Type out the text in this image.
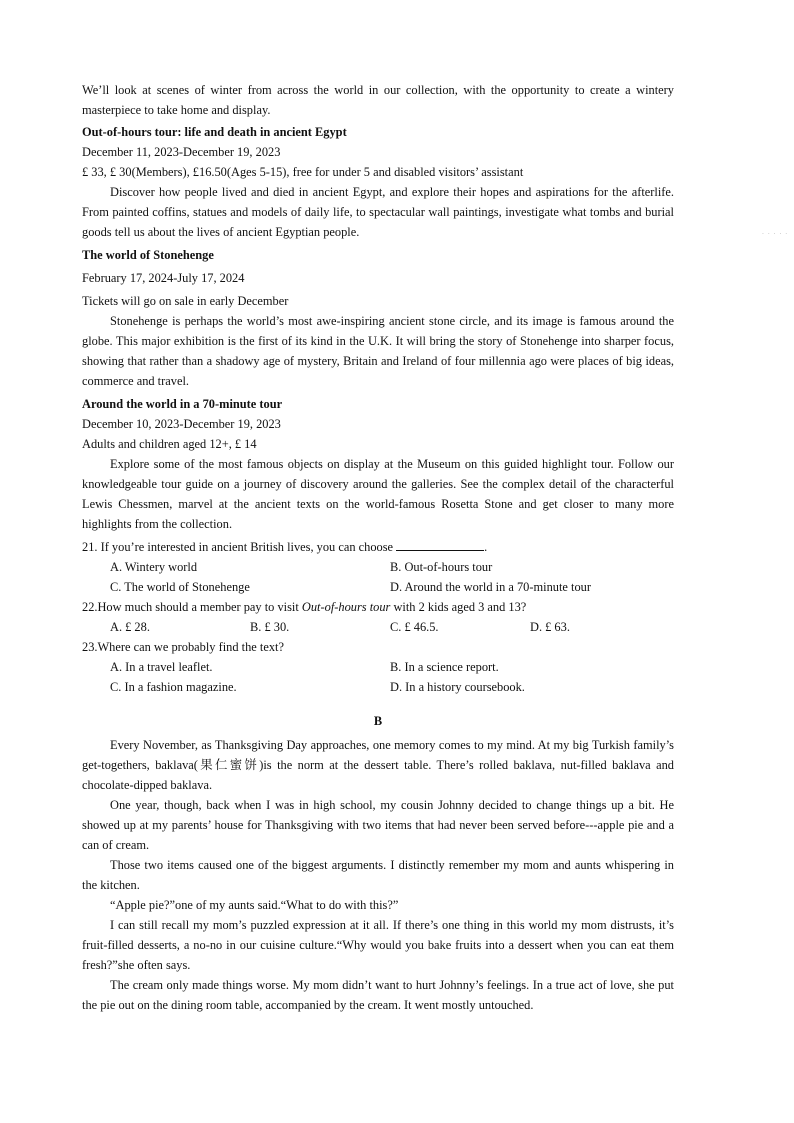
We’ll look at scenes of winter from across the world in our collection, with the opportunity to create a wintery masterpiece to take home and display.

Out-of-hours tour: life and death in ancient Egypt

December 11, 2023-December 19, 2023

£ 33, £ 30(Members), £16.50(Ages 5-15), free for under 5 and disabled visitors’ assistant

Discover how people lived and died in ancient Egypt, and explore their hopes and aspirations for the afterlife. From painted coffins, statues and models of daily life, to spectacular wall paintings, investigate what tombs and burial goods tell us about the lives of ancient Egyptian people.

The world of Stonehenge

February 17, 2024-July 17, 2024

Tickets will go on sale in early December

Stonehenge is perhaps the world’s most awe-inspiring ancient stone circle, and its image is famous around the globe. This major exhibition is the first of its kind in the U.K. It will bring the story of Stonehenge into sharper focus, showing that rather than a shadowy age of mystery, Britain and Ireland of four millennia ago were places of big ideas, commerce and travel.

Around the world in a 70-minute tour

December 10, 2023-December 19, 2023

Adults and children aged 12+, £ 14

Explore some of the most famous objects on display at the Museum on this guided highlight tour. Follow our knowledgeable tour guide on a journey of discovery around the galleries. See the complex detail of the characterful Lewis Chessmen, marvel at the ancient texts on the world-famous Rosetta Stone and get closer to many more highlights from the collection.

21. If you’re interested in ancient British lives, you can choose	.

A. Wintery world	B. Out-of-hours tour
C. The world of Stonehenge	D. Around the world in a 70-minute tour

22.How much should a member pay to visit Out-of-hours tour with 2 kids aged 3 and 13?

A. £ 28.	B. £ 30.	C. £ 46.5.	D. £ 63.

23.Where can we probably find the text?

A. In a travel leaflet.	B. In a science report.
C. In a fashion magazine.	D. In a history coursebook.

B

Every November, as Thanksgiving Day approaches, one memory comes to my mind. At my big Turkish family’s get-togethers, baklava(果仁蜜饼)is the norm at the dessert table. There’s rolled baklava, nut-filled baklava and chocolate-dipped baklava.

One year, though, back when I was in high school, my cousin Johnny decided to change things up a bit. He showed up at my parents’ house for Thanksgiving with two items that had never been served before---apple pie and a can of cream.

Those two items caused one of the biggest arguments. I distinctly remember my mom and aunts whispering in the kitchen.

“Apple pie?”one of my aunts said.“What to do with this?”

I can still recall my mom’s puzzled expression at it all. If there’s one thing in this world my mom distrusts, it’s fruit-filled desserts, a no-no in our cuisine culture.“Why would you bake fruits into a dessert when you can eat them fresh?”she often says.

The cream only made things worse. My mom didn’t want to hurt Johnny’s feelings. In a true act of love, she put the pie out on the dining room table, accompanied by the cream. It went mostly untouched.

· · · · ·
